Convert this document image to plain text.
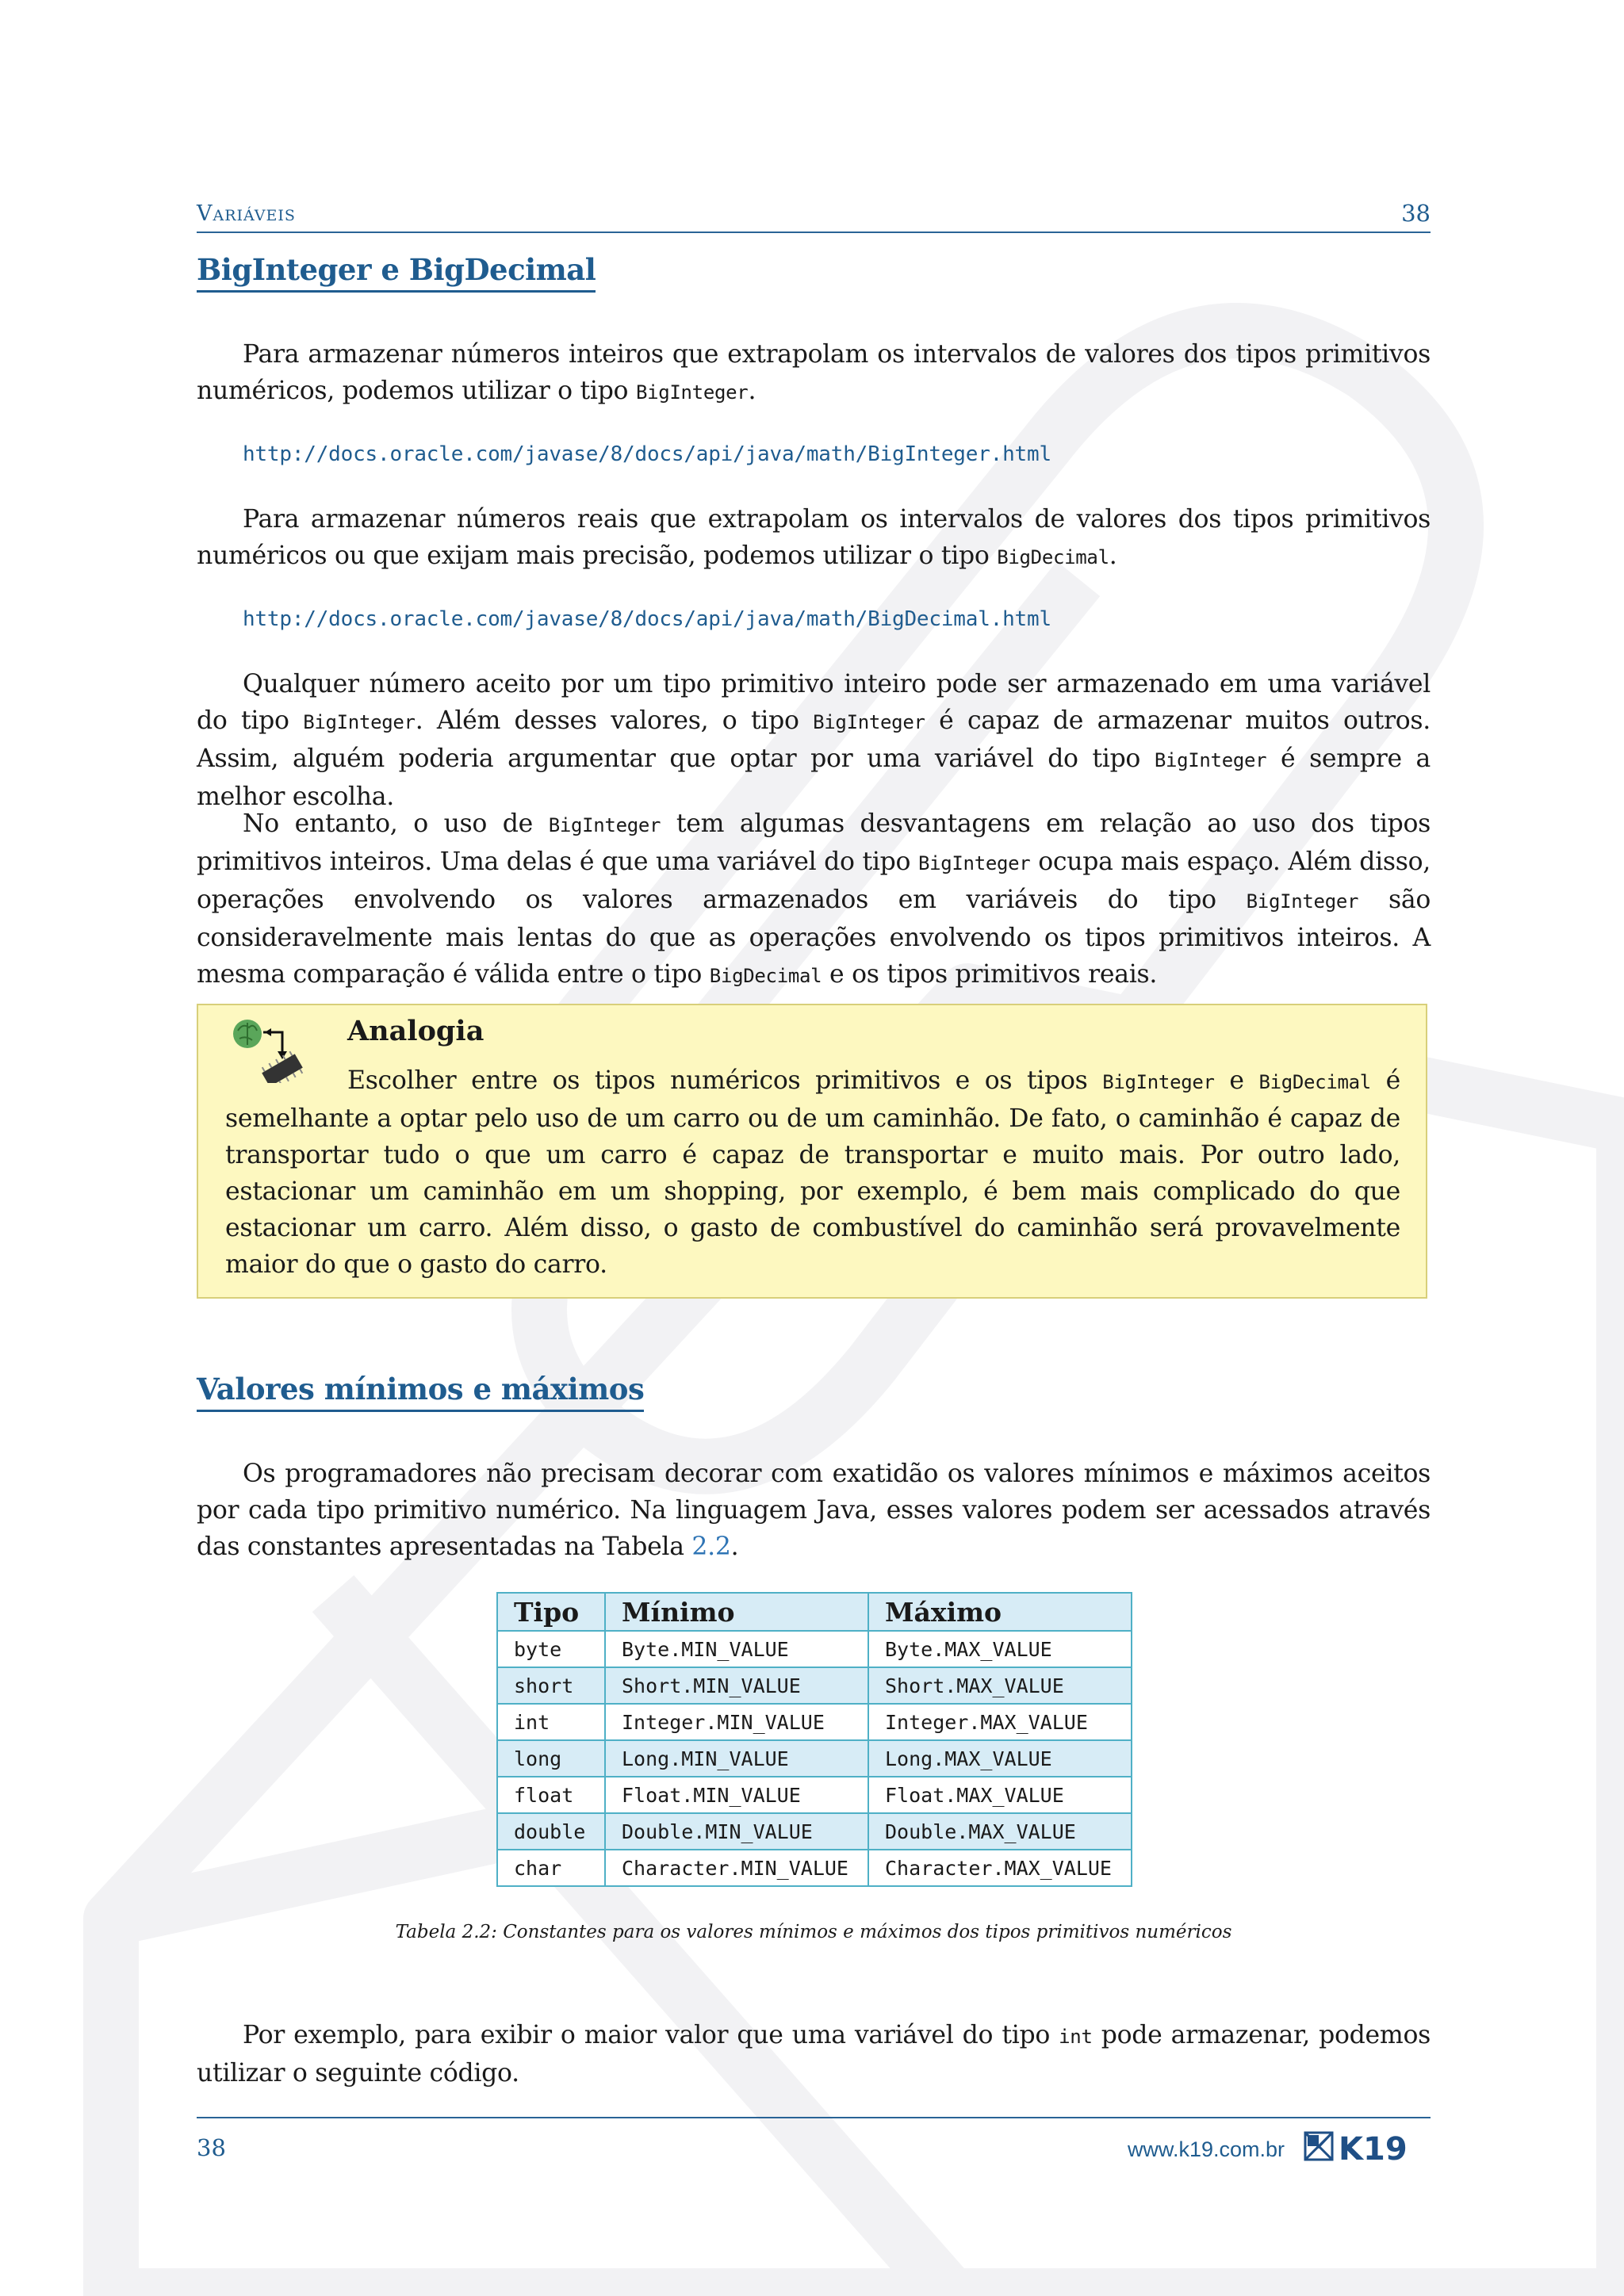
Variáveis	38
BigInteger e BigDecimal

Para armazenar números inteiros que extrapolam os intervalos de valores dos tipos primitivos numéricos, podemos utilizar o tipo BigInteger.

http://docs.oracle.com/javase/8/docs/api/java/math/BigInteger.html

Para armazenar números reais que extrapolam os intervalos de valores dos tipos primitivos numéricos ou que exijam mais precisão, podemos utilizar o tipo BigDecimal.

http://docs.oracle.com/javase/8/docs/api/java/math/BigDecimal.html

Qualquer número aceito por um tipo primitivo inteiro pode ser armazenado em uma variável do tipo BigInteger. Além desses valores, o tipo BigInteger é capaz de armazenar muitos outros. Assim, alguém poderia argumentar que optar por uma variável do tipo BigInteger é sempre a melhor escolha.

No entanto, o uso de BigInteger tem algumas desvantagens em relação ao uso dos tipos primitivos inteiros. Uma delas é que uma variável do tipo BigInteger ocupa mais espaço. Além disso, operações envolvendo os valores armazenados em variáveis do tipo BigInteger são consideravelmente mais lentas do que as operações envolvendo os tipos primitivos inteiros. A mesma comparação é válida entre o tipo BigDecimal e os tipos primitivos reais.

Analogia

Escolher entre os tipos numéricos primitivos e os tipos BigInteger e BigDecimal é semelhante a optar pelo uso de um carro ou de um caminhão. De fato, o caminhão é capaz de transportar tudo o que um carro é capaz de transportar e muito mais. Por outro lado, estacionar um caminhão em um shopping, por exemplo, é bem mais complicado do que estacionar um carro. Além disso, o gasto de combustível do caminhão será provavelmente maior do que o gasto do carro.

Valores mínimos e máximos

Os programadores não precisam decorar com exatidão os valores mínimos e máximos aceitos por cada tipo primitivo numérico. Na linguagem Java, esses valores podem ser acessados através das constantes apresentadas na Tabela 2.2.

Tipo	Mínimo	Máximo
byte	Byte.MIN_VALUE	Byte.MAX_VALUE
short	Short.MIN_VALUE	Short.MAX_VALUE
int	Integer.MIN_VALUE	Integer.MAX_VALUE
long	Long.MIN_VALUE	Long.MAX_VALUE
float	Float.MIN_VALUE	Float.MAX_VALUE
double	Double.MIN_VALUE	Double.MAX_VALUE
char	Character.MIN_VALUE	Character.MAX_VALUE
Tabela 2.2: Constantes para os valores mínimos e máximos dos tipos primitivos numéricos

Por exemplo, para exibir o maior valor que uma variável do tipo int pode armazenar, podemos utilizar o seguinte código.

38	www.k19.com.br K19
